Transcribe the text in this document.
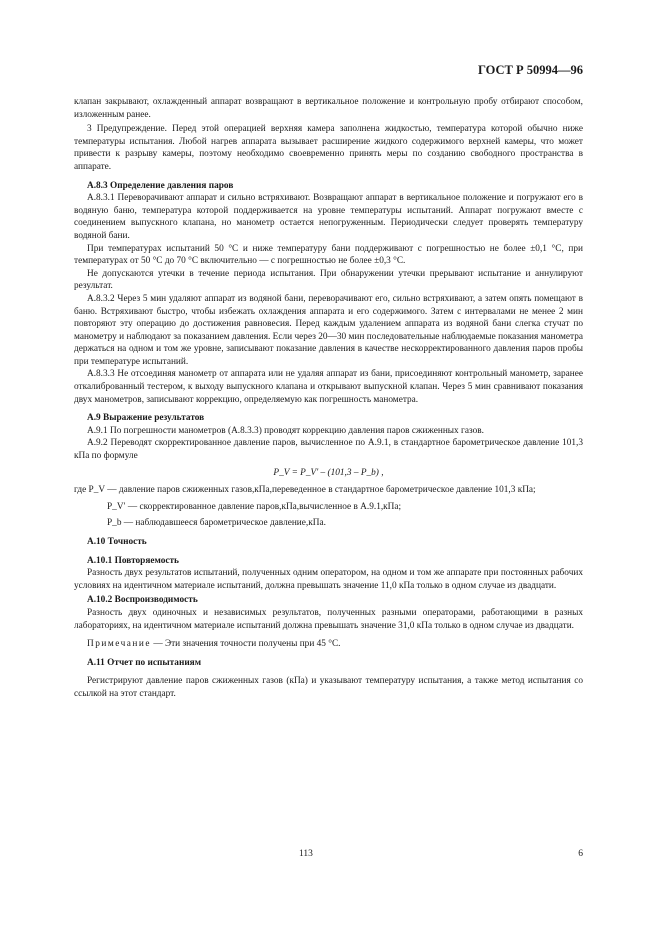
ГОСТ Р 50994—96

клапан закрывают, охлажденный аппарат возвращают в вертикальное положение и контрольную пробу отбирают способом, изложенным ранее.

3 Предупреждение. Перед этой операцией верхняя камера заполнена жидкостью, температура которой обычно ниже температуры испытания. Любой нагрев аппарата вызывает расширение жидкого содержимого верхней камеры, что может привести к разрыву камеры, поэтому необходимо своевременно принять меры по созданию свободного пространства в аппарате.

А.8.3 Определение давления паров

А.8.3.1 Переворачивают аппарат и сильно встряхивают. Возвращают аппарат в вертикальное положение и погружают его в водяную баню, температура которой поддерживается на уровне температуры испытаний. Аппарат погружают вместе с соединением выпускного клапана, но манометр остается непогруженным. Периодически следует проверять температуру водяной бани.

При температурах испытаний 50 °С и ниже температуру бани поддерживают с погрешностью не более ±0,1 °С, при температурах от 50 °С до 70 °С включительно — с погрешностью не более ±0,3 °С.

Не допускаются утечки в течение периода испытания. При обнаружении утечки прерывают испытание и аннулируют результат.

А.8.3.2 Через 5 мин удаляют аппарат из водяной бани, переворачивают его, сильно встряхивают, а затем опять помещают в баню. Встряхивают быстро, чтобы избежать охлаждения аппарата и его содержимого. Затем с интервалами не менее 2 мин повторяют эту операцию до достижения равновесия. Перед каждым удалением аппарата из водяной бани слегка стучат по манометру и наблюдают за показанием давления. Если через 20—30 мин последовательные наблюдаемые показания манометра держаться на одном и том же уровне, записывают показание давления в качестве нескорректированного давления паров пробы при температуре испытаний.

А.8.3.3 Не отсоединяя манометр от аппарата или не удаляя аппарат из бани, присоединяют контрольный манометр, заранее откалиброванный тестером, к выходу выпускного клапана и открывают выпускной клапан. Через 5 мин сравнивают показания двух манометров, записывают коррекцию, определяемую как погрешность манометра.

А.9 Выражение результатов

А.9.1 По погрешности манометров (А.8.3.3) проводят коррекцию давления паров сжиженных газов.

А.9.2 Переводят скорректированное давление паров, вычисленное по А.9.1, в стандартное барометрическое давление 101,3 кПа по формуле

P_V = P_V′ – (101,3 – P_b) ,

где P_V — давление паров сжиженных газов,кПа,переведенное в стандартное барометрическое давление 101,3 кПа;

P_V′ — скорректированное давление паров,кПа,вычисленное в А.9.1,кПа;

P_b — наблюдавшееся барометрическое давление,кПа.

А.10 Точность

А.10.1 Повторяемость

Разность двух результатов испытаний, полученных одним оператором, на одном и том же аппарате при постоянных рабочих условиях на идентичном материале испытаний, должна превышать значение 11,0 кПа только в одном случае из двадцати.

А.10.2 Воспроизводимость

Разность двух одиночных и независимых результатов, полученных разными операторами, работающими в разных лабораториях, на идентичном материале испытаний должна превышать значение 31,0 кПа только в одном случае из двадцати.

Примечание — Эти значения точности получены при 45 °С.

А.11 Отчет по испытаниям

Регистрируют давление паров сжиженных газов (кПа) и указывают температуру испытания, а также метод испытания со ссылкой на этот стандарт.

113	6
